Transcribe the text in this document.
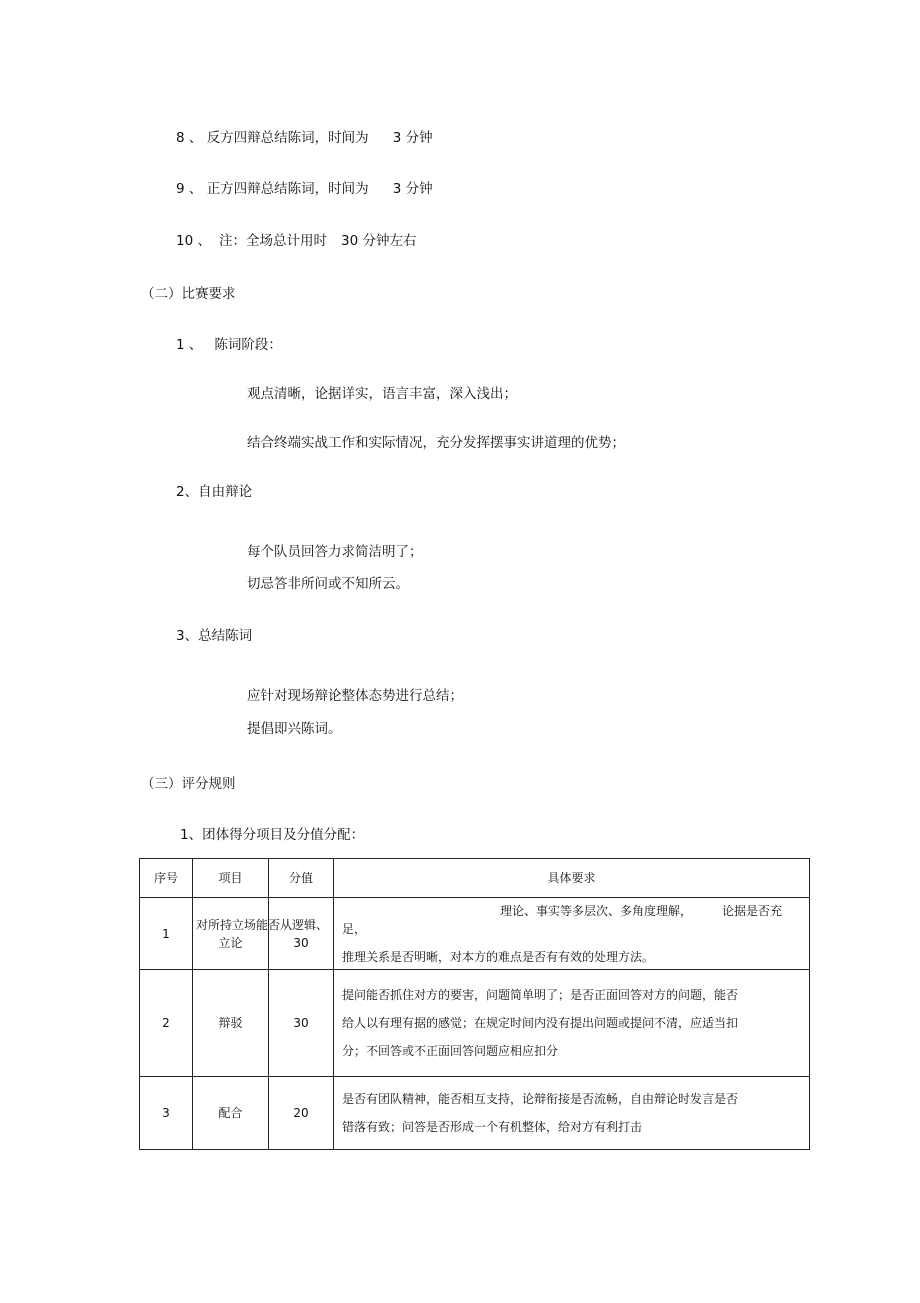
8 、 反方四辩总结陈词，时间为 3 分钟
9 、 正方四辩总结陈词，时间为 3 分钟
10 、 注：全场总计用时 30 分钟左右
（二）比赛要求
1 、 陈词阶段：
观点清晰，论据详实，语言丰富，深入浅出；
结合终端实战工作和实际情况，充分发挥摆事实讲道理的优势；
2、自由辩论
每个队员回答力求简洁明了；
切忌答非所问或不知所云。
3、总结陈词
应针对现场辩论整体态势进行总结；
提倡即兴陈词。
（三）评分规则
1、团体得分项目及分值分配：
序号	项目	分值	具体要求
1	对所持立场能否从逻辑、
立论	30	理论、事实等多层次、多角度理解， 论据是否充足，
推理关系是否明晰，对本方的难点是否有有效的处理方法。

2	辩驳	30	提问能否抓住对方的要害，问题简单明了；是否正面回答对方的问题，能否
给人以有理有据的感觉；在规定时间内没有提出问题或提问不清，应适当扣
分；不回答或不正面回答问题应相应扣分

3	配合	20	是否有团队精神，能否相互支持，论辩衔接是否流畅，自由辩论时发言是否
错落有致；问答是否形成一个有机整体，给对方有利打击
